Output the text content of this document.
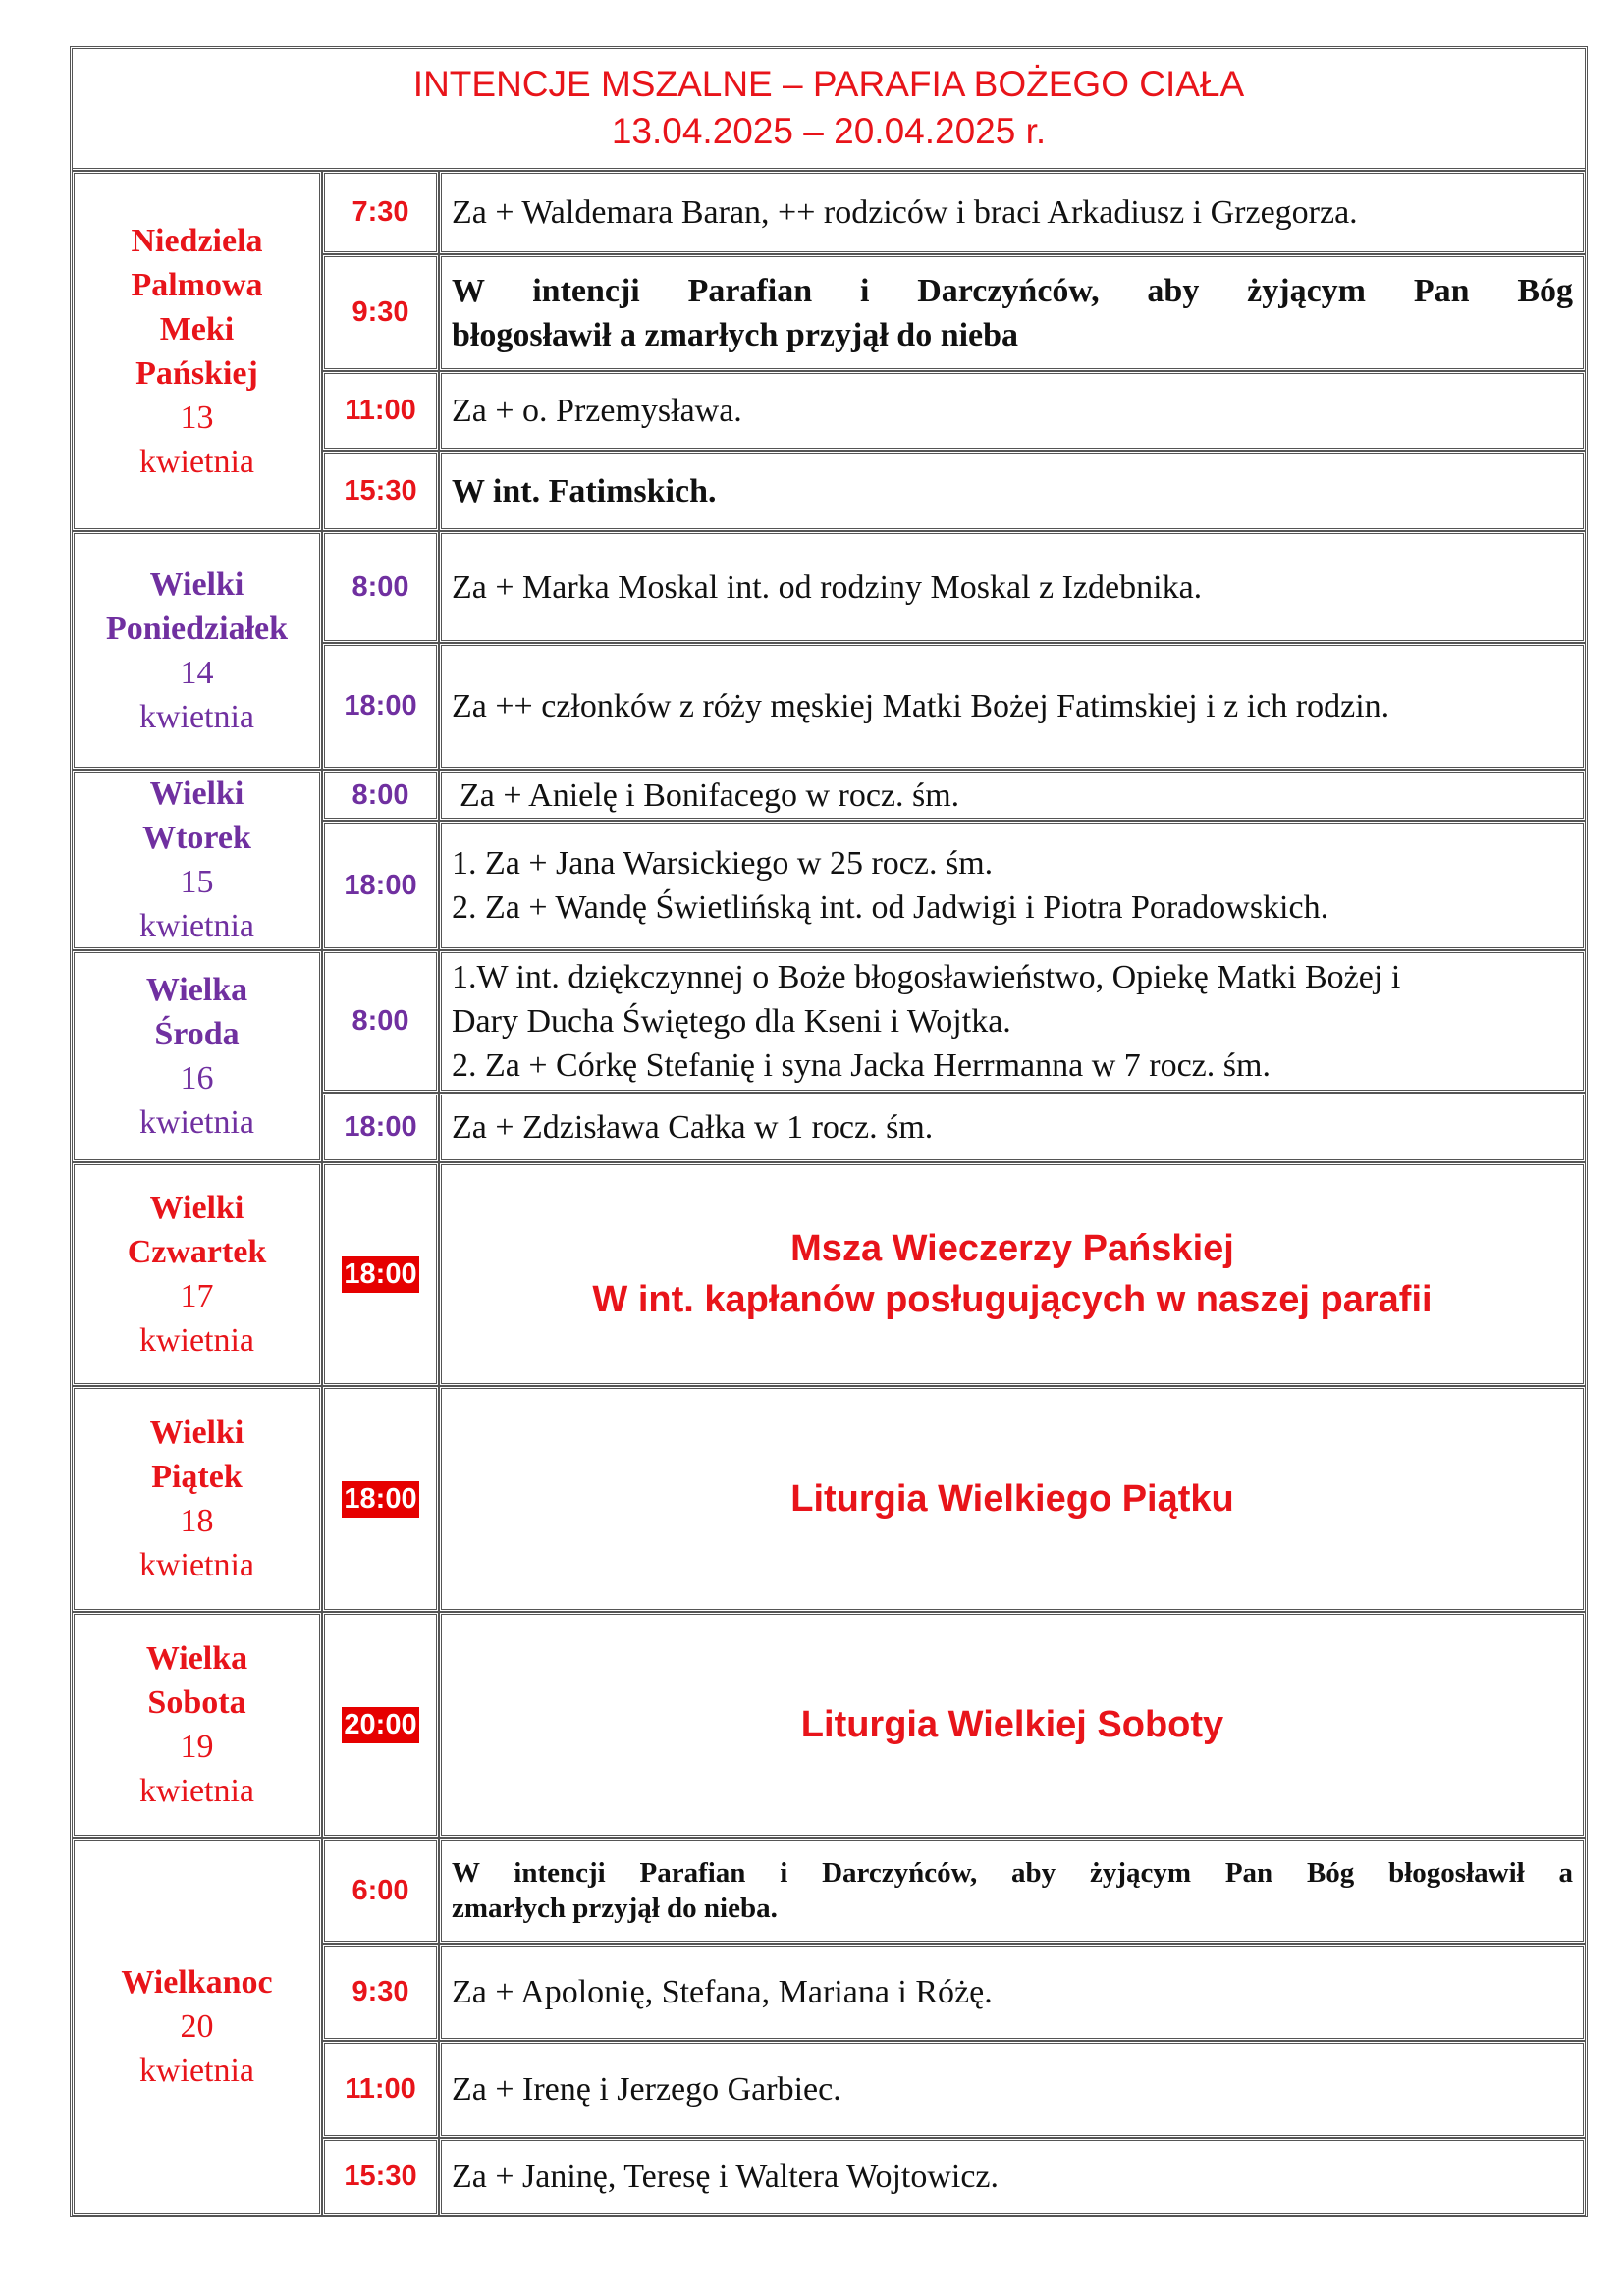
INTENCJE MSZALNE – PARAFIA BOŻEGO CIAŁA
13.04.2025 – 20.04.2025 r.
Niedziela
Palmowa
Meki
Pańskiej
13
kwietnia
7:30 Za + Waldemara Baran, ++ rodziców i braci Arkadiusz i Grzegorza.
9:30
W intencji Parafian i Darczyńców, aby żyjącym Pan Bóg
błogosławił a zmarłych przyjął do nieba
11:00 Za + o. Przemysława.
15:30 W int. Fatimskich.
Wielki
Poniedziałek
14
kwietnia
8:00 Za + Marka Moskal int. od rodziny Moskal z Izdebnika.
18:00 Za ++ członków z róży męskiej Matki Bożej Fatimskiej i z ich rodzin.
Wielki
Wtorek
15
kwietnia
8:00 Za + Anielę i Bonifacego w rocz. śm.
18:00
1. Za + Jana Warsickiego w 25 rocz. śm.
2. Za + Wandę Świetlińską int. od Jadwigi i Piotra Poradowskich.
Wielka
Środa
16
kwietnia
8:00
1.W int. dziękczynnej o Boże błogosławieństwo, Opiekę Matki Bożej i
Dary Ducha Świętego dla Kseni i Wojtka.
2. Za + Córkę Stefanię i syna Jacka Herrmanna w 7 rocz. śm.
18:00 Za + Zdzisława Całka w 1 rocz. śm.
Wielki
Czwartek
17
kwietnia
18:00
Msza Wieczerzy Pańskiej
W int. kapłanów posługujących w naszej parafii
Wielki
Piątek
18
kwietnia
18:00	Liturgia Wielkiego Piątku
Wielka
Sobota
19
kwietnia
20:00	Liturgia Wielkiej Soboty
Wielkanoc
20
kwietnia
6:00
W intencji Parafian i Darczyńców, aby żyjącym Pan Bóg błogosławił a
zmarłych przyjął do nieba.
9:30 Za + Apolonię, Stefana, Mariana i Różę.
11:00 Za + Irenę i Jerzego Garbiec.
15:30 Za + Janinę, Teresę i Waltera Wojtowicz.
